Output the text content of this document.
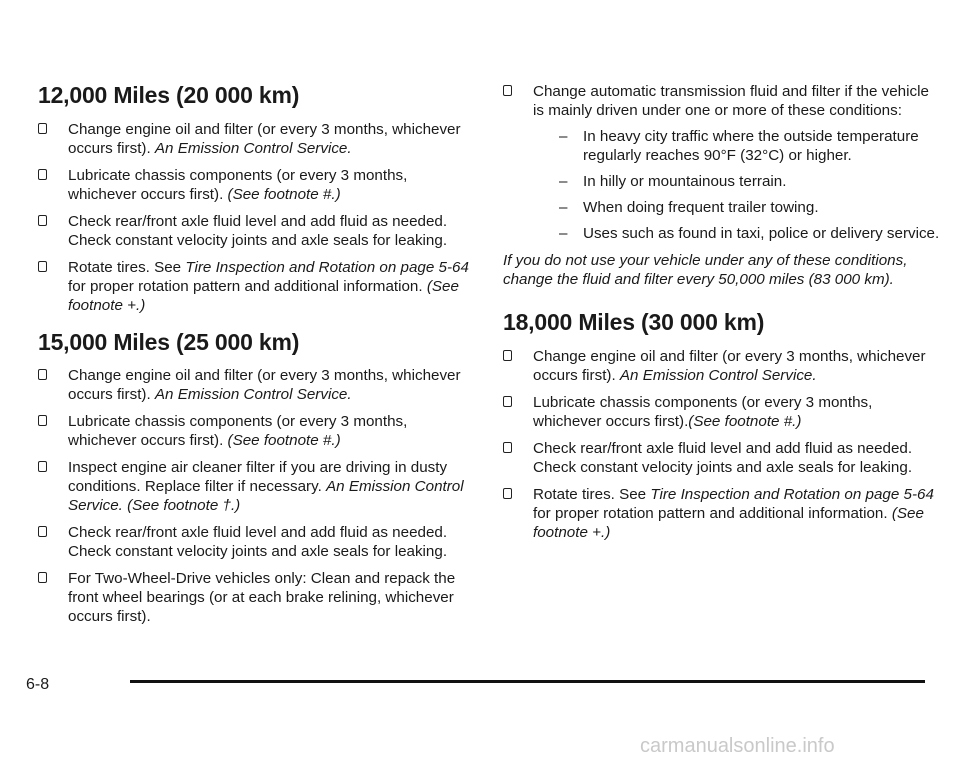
12,000 Miles (20 000 km)
Change engine oil and filter (or every 3 months, whichever occurs first). An Emission Control Service.
Lubricate chassis components (or every 3 months, whichever occurs first). (See footnote #.)
Check rear/front axle fluid level and add fluid as needed. Check constant velocity joints and axle seals for leaking.
Rotate tires. See Tire Inspection and Rotation on page 5-64 for proper rotation pattern and additional information. (See footnote +.)
15,000 Miles (25 000 km)
Change engine oil and filter (or every 3 months, whichever occurs first). An Emission Control Service.
Lubricate chassis components (or every 3 months, whichever occurs first). (See footnote #.)
Inspect engine air cleaner filter if you are driving in dusty conditions. Replace filter if necessary. An Emission Control Service. (See footnote †.)
Check rear/front axle fluid level and add fluid as needed. Check constant velocity joints and axle seals for leaking.
For Two-Wheel-Drive vehicles only: Clean and repack the front wheel bearings (or at each brake relining, whichever occurs first).
Change automatic transmission fluid and filter if the vehicle is mainly driven under one or more of these conditions:
– In heavy city traffic where the outside temperature regularly reaches 90°F (32°C) or higher.
– In hilly or mountainous terrain.
– When doing frequent trailer towing.
– Uses such as found in taxi, police or delivery service.
If you do not use your vehicle under any of these conditions, change the fluid and filter every 50,000 miles (83 000 km).
18,000 Miles (30 000 km)
Change engine oil and filter (or every 3 months, whichever occurs first). An Emission Control Service.
Lubricate chassis components (or every 3 months, whichever occurs first).(See footnote #.)
Check rear/front axle fluid level and add fluid as needed. Check constant velocity joints and axle seals for leaking.
Rotate tires. See Tire Inspection and Rotation on page 5-64 for proper rotation pattern and additional information. (See footnote +.)
6-8
carmanualsonline.info
